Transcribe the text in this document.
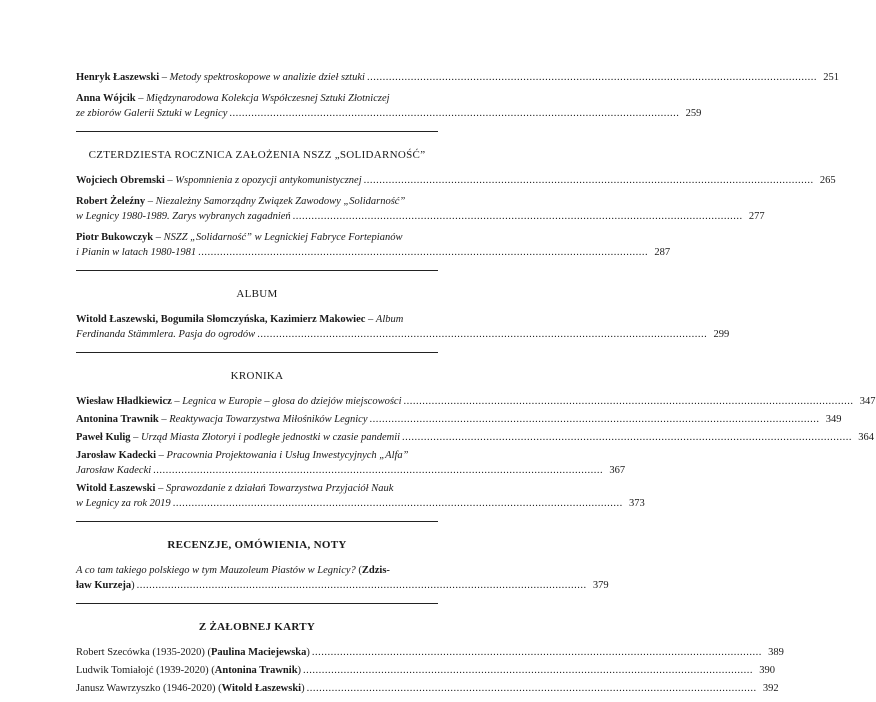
Henryk Łaszewski – Metody spektroskopowe w analizie dzieł sztuki .....	251
Anna Wójcik – Międzynarodowa Kolekcja Współczesnej Sztuki Złotniczej
ze zbiorów Galerii Sztuki w Legnicy .....	259
CZTERDZIESTA ROCZNICA ZAŁOŻENIA NSZZ „SOLIDARNOŚĆ”
Wojciech Obremski – Wspomnienia z opozycji antykomunistycznej .....	265
Robert Żeleźny – Niezależny Samorządny Związek Zawodowy „Solidarność”
w Legnicy 1980-1989. Zarys wybranych zagadnień .....	277
Piotr Bukowczyk – NSZZ „Solidarność” w Legnickiej Fabryce Fortepianów
i Pianin w latach 1980-1981 .....	287
ALBUM
Witold Łaszewski, Bogumiła Słomczyńska, Kazimierz Makowiec – Album
Ferdinanda Stämmlera. Pasja do ogrodów .....	299
KRONIKA
Wiesław Hładkiewicz – Legnica w Europie – głosa do dziejów miejscowości .....	347
Antonina Trawnik – Reaktywacja Towarzystwa Miłośników Legnicy .....	349
Paweł Kulig – Urząd Miasta Złotoryi i podległe jednostki w czasie pandemii .....	364
Jarosław Kadecki – Pracownia Projektowania i Usług Inwestycyjnych „Alfa”
Jarosław Kadecki .....	367
Witold Łaszewski – Sprawozdanie z działań Towarzystwa Przyjaciół Nauk
w Legnicy za rok 2019 .....	373
RECENZJE, OMÓWIENIA, NOTY
A co tam takiego polskiego w tym Mauzoleum Piastów w Legnicy? (Zdzis-
ław Kurzeja) .....	379
Z ŻAŁOBNEJ KARTY
Robert Szecówka (1935-2020) (Paulina Maciejewska) .....	389
Ludwik Tomiałojć (1939-2020) (Antonina Trawnik) .....	390
Janusz Wawrzyszko (1946-2020) (Witold Łaszewski) .....	392
